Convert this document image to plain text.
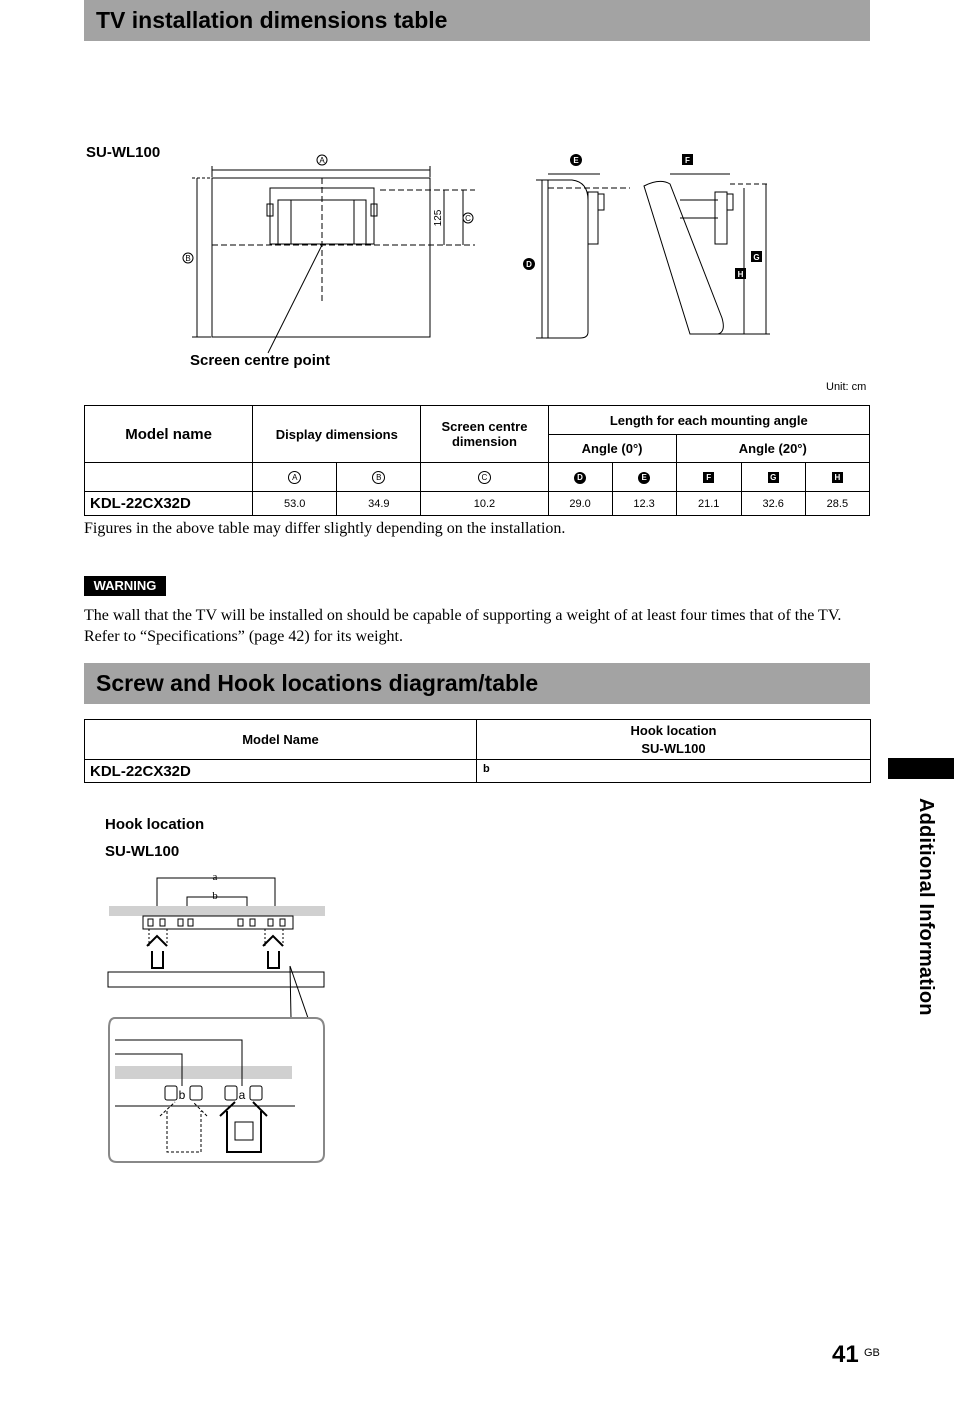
TV installation dimensions table
SU-WL100	A
B
C
125
D
E	F
G
H
Screen centre point
Unit: cm
Model name	Display dimensions		Screen centre dimension	Length for each mounting angle				
				Angle (0°)		Angle (20°)		
	A	B	C	D	E	F	G	H
KDL-22CX32D	53.0	34.9	10.2	29.0	12.3	21.1	32.6	28.5
Figures in the above table may differ slightly depending on the installation.
WARNING
The wall that the TV will be installed on should be capable of supporting a weight of at least four times that of the TV. Refer to “Specifications” (page 42) for its weight.
Screw and Hook locations diagram/table
Model Name	Hook location
SU-WL100

KDL-22CX32D	b
Hook location
SU-WL100
a
b
b	a
Additional Information
41 GB
